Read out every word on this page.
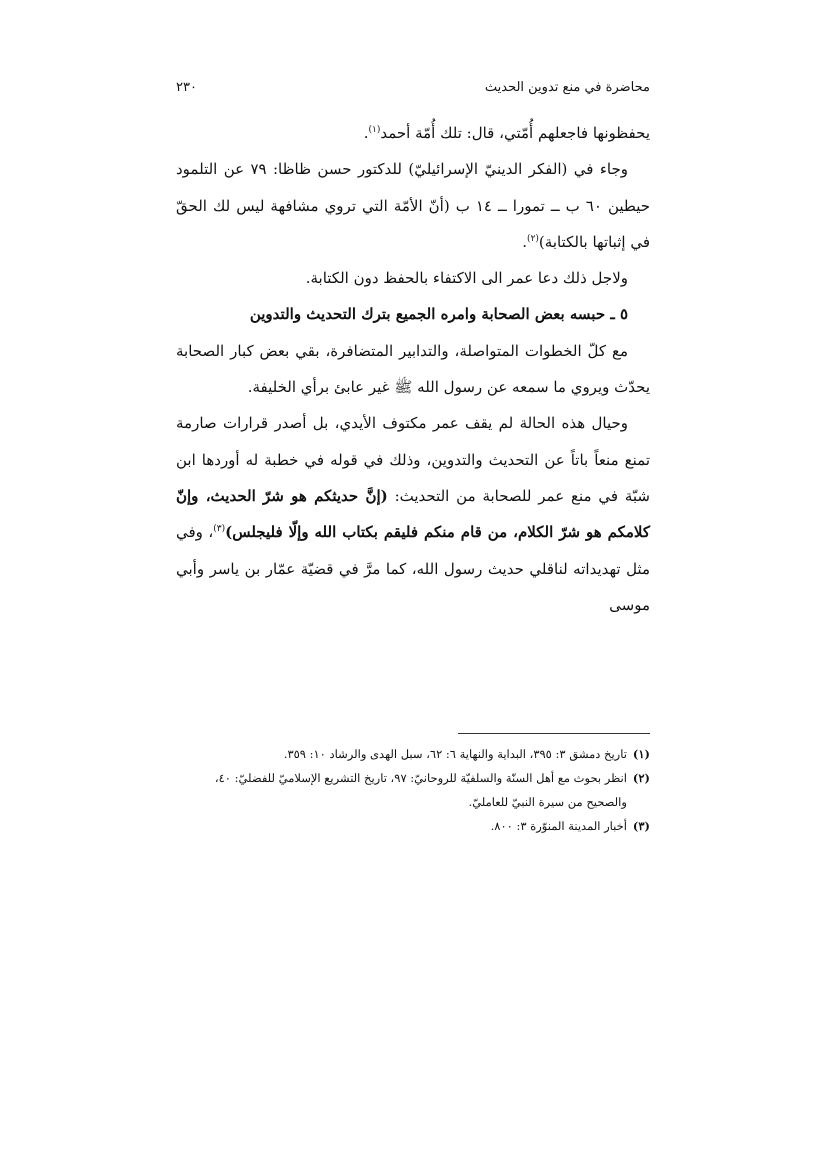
محاضرة في منع تدوين الحديث
٢٣٠

يحفظونها فاجعلهم أُمّتي، قال: تلك أُمّة أحمد$^{(١)}$.

وجاء في (الفكر الدينيّ الإسرائيليّ) للدكتور حسن ظاظا: ٧٩ عن التلمود حيطين ٦٠ ب ــ تمورا ــ ١٤ ب (أنّ الأمّة التي تروي مشافهة ليس لك الحقّ في إثباتها بالكتابة)$^{(٢)}$.

ولاجل ذلك دعا عمر الى الاكتفاء بالحفظ دون الكتابة.

٥ ـ حبسه بعض الصحابة وامره الجميع بترك التحديث والتدوين

مع كلّ الخطوات المتواصلة، والتدابير المتضافرة، بقي بعض كبار الصحابة يحدّث ويروي ما سمعه عن رسول الله ﷺ غير عابئ برأي الخليفة.

وحيال هذه الحالة لم يقف عمر مكتوف الأيدي، بل أصدر قرارات صارمة تمنع منعاً باتاً عن التحديث والتدوين، وذلك في قوله في خطبة له أوردها ابن شبّة في منع عمر للصحابة من التحديث: (إنَّ حديثكم هو شرّ الحديث، وإنّ كلامكم هو شرّ الكلام، من قام منكم فليقم بكتاب الله وإلّا فليجلس)$^{(٣)}$، وفي مثل تهديداته لناقلي حديث رسول الله، كما مرَّ في قضيّة عمّار بن ياسر وأبي موسى

(١)
تاريخ دمشق ٣: ٣٩٥، البداية والنهاية ٦: ٦٢، سبل الهدى والرشاد ١٠: ٣٥٩.
(٢)
انظر بحوث مع أهل السنّة والسلفيّة للروحانيّ: ٩٧، تاريخ التشريع الإسلاميّ للفضليّ: ٤٠، والصحيح من سيرة النبيّ للعامليّ.
(٣)
أخبار المدينة المنوّرة ٣: ٨٠٠.
